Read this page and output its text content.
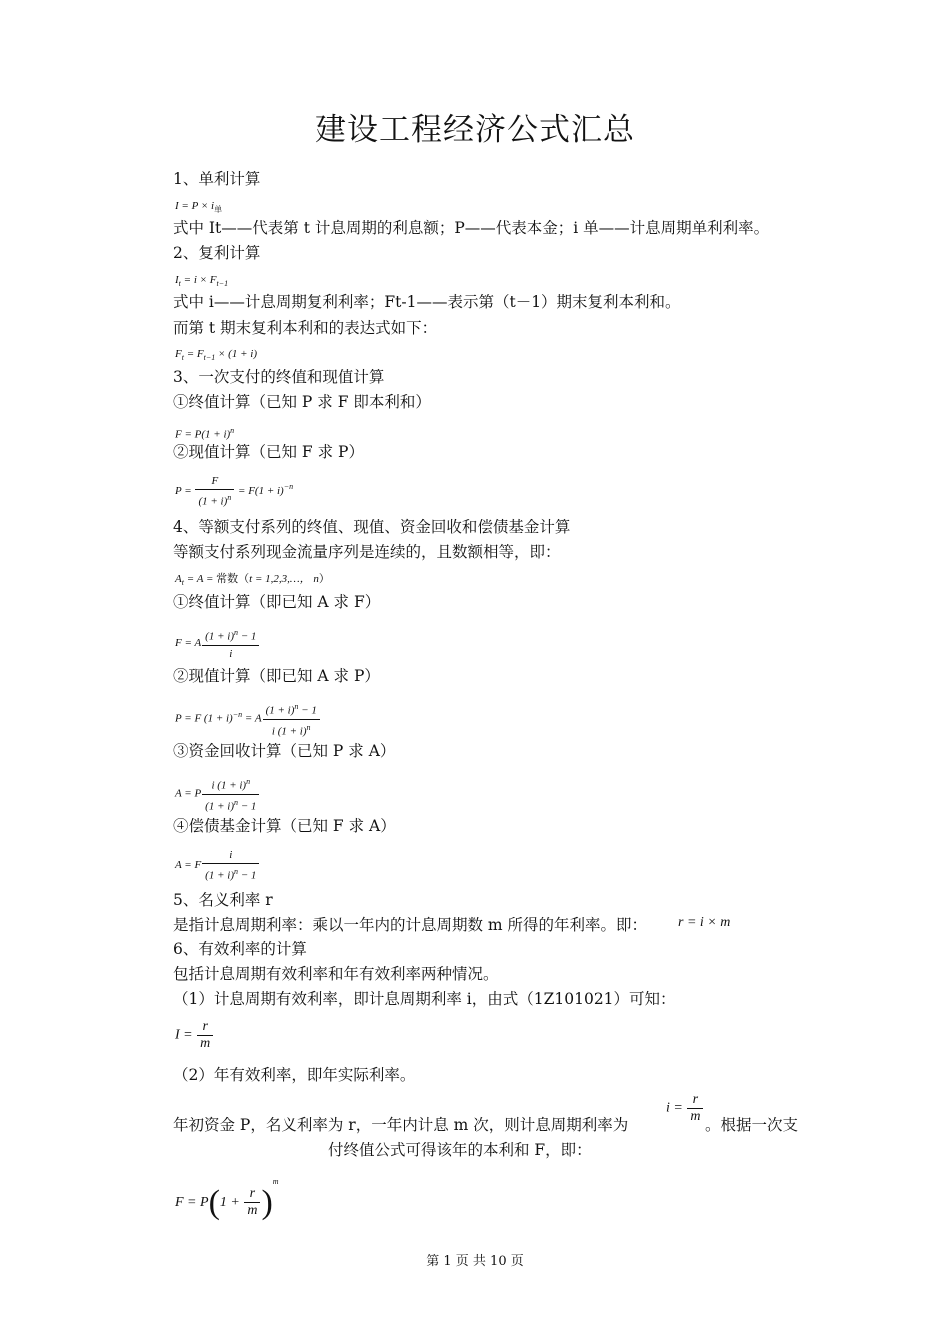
建设工程经济公式汇总
1、单利计算
$I = P \times i_单$
式中 It——代表第 t 计息周期的利息额；P——代表本金；i 单——计息周期单利利率。
2、复利计算
$I_t = i \times F_{t-1}$
式中 i——计息周期复利利率；Ft-1——表示第（t－1）期末复利本利和。
而第 t 期末复利本利和的表达式如下：
$F_t = F_{t-1} \times (1 + i)$
3、一次支付的终值和现值计算
①终值计算（已知 P 求 F 即本利和）
$F = P(1 + i)^n$
②现值计算（已知 F 求 P）
$P = \frac{F}{(1 + i)^n} = F(1 + i)^{-n}$
4、等额支付系列的终值、现值、资金回收和偿债基金计算
等额支付系列现金流量序列是连续的，且数额相等，即：
$A_t = A$ = 常数（t = 1,2,3,…， n）
①终值计算（即已知 A 求 F）
F = A $\frac{(1 + i)^n - 1}{i}$
②现值计算（即已知 A 求 P）
P = F $(1 + i)^{-n} = A \frac{(1 + i)^n - 1}{i (1 + i)^n}$
③资金回收计算（已知 P 求 A）
A = P $\frac{i (1 + i)^n}{(1 + i)^n - 1}$
④偿债基金计算（已知 F 求 A）
A = F $\frac{i}{(1 + i)^n - 1}$
5、名义利率 r
是指计息周期利率：乘以一年内的计息周期数 m 所得的年利率。即： r = i × m
6、有效利率的计算
包括计息周期有效利率和年有效利率两种情况。
（1）计息周期有效利率，即计息周期利率 i，由式（1Z101021）可知：
$I = \frac{r}{m}$
（2）年有效利率，即年实际利率。
年初资金 P，名义利率为 r，一年内计息 m 次，则计息周期利率为
$i = \frac{r}{m}$
。根据一次支
付终值公式可得该年的本利和 F，即：
$F = P(1 + \frac{r}{m} )^m$
第 1 页 共 10 页
